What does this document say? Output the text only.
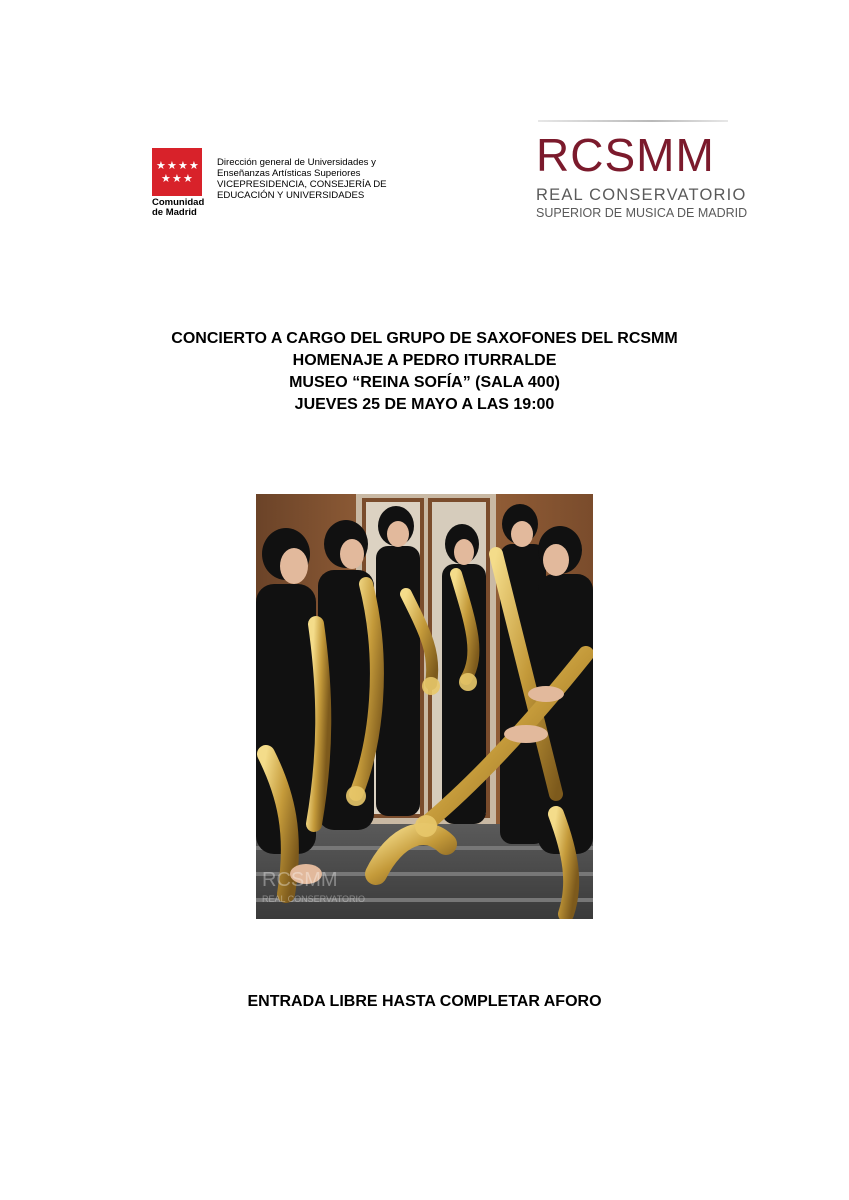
★ ★ ★ ★
★ ★ ★
Comunidad
de Madrid
Dirección general de Universidades y
Enseñanzas Artísticas Superiores
VICEPRESIDENCIA, CONSEJERÍA DE
EDUCACIÓN Y UNIVERSIDADES
RCSMM
REAL CONSERVATORIO
SUPERIOR DE MUSICA DE MADRID
CONCIERTO A CARGO DEL GRUPO DE SAXOFONES DEL RCSMM
HOMENAJE A PEDRO ITURRALDE
MUSEO “REINA SOFÍA” (SALA 400)
JUEVES 25 DE MAYO A LAS 19:00
RCSMM
REAL CONSERVATORIO
ENTRADA LIBRE HASTA COMPLETAR AFORO
